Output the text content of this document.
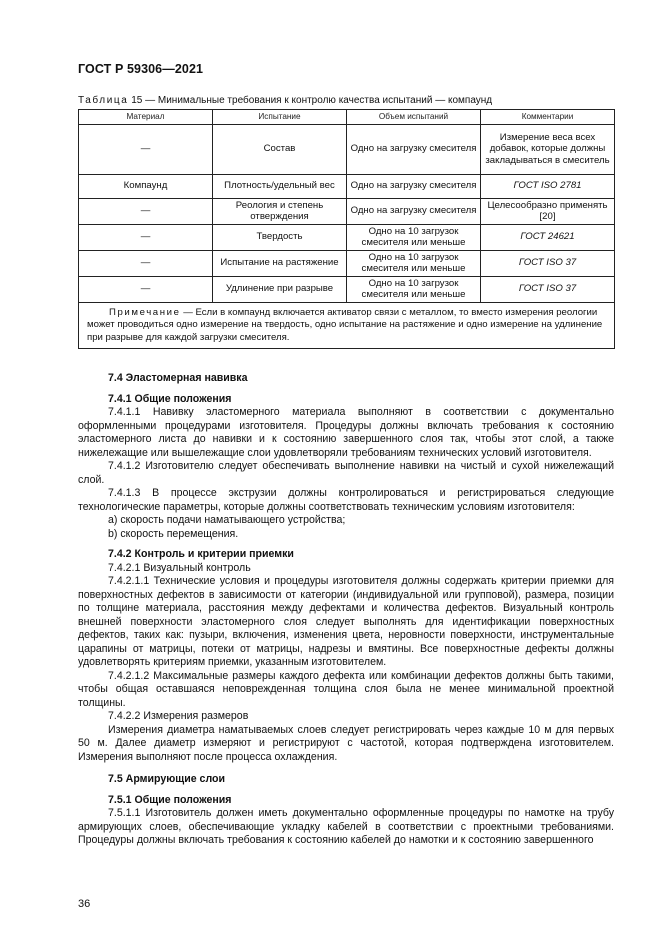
ГОСТ Р 59306—2021
Таблица 15 — Минимальные требования к контролю качества испытаний — компаунд
Материал	Испытание	Объем испытаний	Комментарии
—	Состав	Одно на загрузку смесителя	Измерение веса всех добавок, которые должны закладываться в смеситель
Компаунд	Плотность/удельный вес	Одно на загрузку смесителя	ГОСТ ISO 2781
—	Реология и степень отверждения	Одно на загрузку смесителя	Целесообразно применять [20]
—	Твердость	Одно на 10 загрузок смесителя или меньше	ГОСТ 24621
—	Испытание на растяжение	Одно на 10 загрузок смесителя или меньше	ГОСТ ISO 37
—	Удлинение при разрыве	Одно на 10 загрузок смесителя или меньше	ГОСТ ISO 37
Примечание — Если в компаунд включается активатор связи с металлом, то вместо измерения реологии может проводиться одно измерение на твердость, одно испытание на растяжение и одно измерение на удлинение при разрыве для каждой загрузки смесителя.			

7.4 Эластомерная навивка

7.4.1 Общие положения

7.4.1.1 Навивку эластомерного материала выполняют в соответствии с документально оформленными процедурами изготовителя. Процедуры должны включать требования к состоянию эластомерного листа до навивки и к состоянию завершенного слоя так, чтобы этот слой, а также нижележащие или вышележащие слои удовлетворяли требованиям технических условий изготовителя.

7.4.1.2 Изготовителю следует обеспечивать выполнение навивки на чистый и сухой нижележащий слой.

7.4.1.3 В процессе экструзии должны контролироваться и регистрироваться следующие технологические параметры, которые должны соответствовать техническим условиям изготовителя:

a) скорость подачи наматывающего устройства;

b) скорость перемещения.

7.4.2 Контроль и критерии приемки

7.4.2.1 Визуальный контроль

7.4.2.1.1 Технические условия и процедуры изготовителя должны содержать критерии приемки для поверхностных дефектов в зависимости от категории (индивидуальной или групповой), размера, позиции по толщине материала, расстояния между дефектами и количества дефектов. Визуальный контроль внешней поверхности эластомерного слоя следует выполнять для идентификации поверхностных дефектов, таких как: пузыри, включения, изменения цвета, неровности поверхности, инструментальные царапины от матрицы, потеки от матрицы, надрезы и вмятины. Все поверхностные дефекты должны удовлетворять критериям приемки, указанным изготовителем.

7.4.2.1.2 Максимальные размеры каждого дефекта или комбинации дефектов должны быть такими, чтобы общая оставшаяся неповрежденная толщина слоя была не менее минимальной проектной толщины.

7.4.2.2 Измерения размеров

Измерения диаметра наматываемых слоев следует регистрировать через каждые 10 м для первых 50 м. Далее диаметр измеряют и регистрируют с частотой, которая подтверждена изготовителем. Измерения выполняют после процесса охлаждения.

7.5 Армирующие слои

7.5.1 Общие положения

7.5.1.1 Изготовитель должен иметь документально оформленные процедуры по намотке на трубу армирующих слоев, обеспечивающие укладку кабелей в соответствии с проектными требованиями. Процедуры должны включать требования к состоянию кабелей до намотки и к состоянию завершенного

36
